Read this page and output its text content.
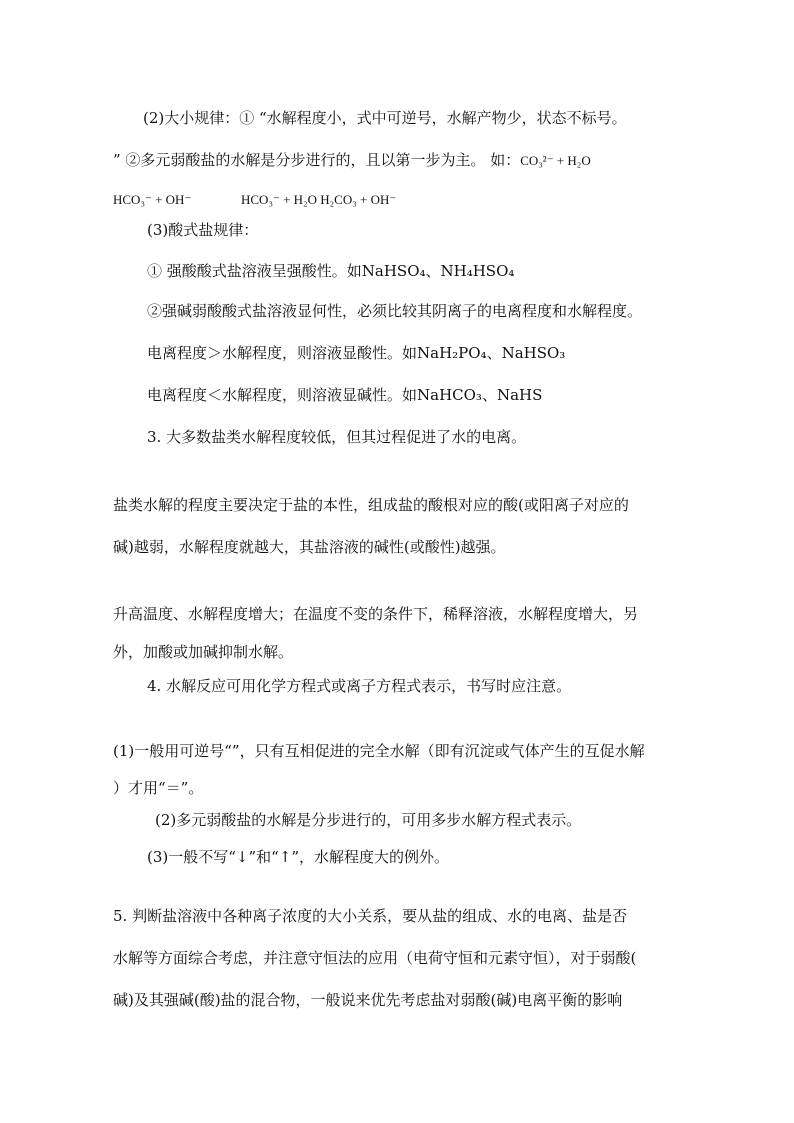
(2)大小规律：① “水解程度小，式中可逆号，水解产物少，状态不标号。
” ②多元弱酸盐的水解是分步进行的，且以第一步为主。 如：CO₃²⁻ + H₂O
HCO₃⁻ + OH⁻	HCO₃⁻ + H₂O H₂CO₃ + OH⁻
(3)酸式盐规律：
① 强酸酸式盐溶液呈强酸性。如NaHSO₄、NH₄HSO₄
②强碱弱酸酸式盐溶液显何性，必须比较其阴离子的电离程度和水解程度。
电离程度＞水解程度，则溶液显酸性。如NaH₂PO₄、NaHSO₃
电离程度＜水解程度，则溶液显碱性。如NaHCO₃、NaHS
3. 大多数盐类水解程度较低，但其过程促进了水的电离。
盐类水解的程度主要决定于盐的本性，组成盐的酸根对应的酸(或阳离子对应的
碱)越弱，水解程度就越大，其盐溶液的碱性(或酸性)越强。
升高温度、水解程度增大；在温度不变的条件下，稀释溶液，水解程度增大，另
外，加酸或加碱抑制水解。
4. 水解反应可用化学方程式或离子方程式表示，书写时应注意。
(1)一般用可逆号“”，只有互相促进的完全水解（即有沉淀或气体产生的互促水解
）才用“＝”。
(2)多元弱酸盐的水解是分步进行的，可用多步水解方程式表示。
(3)一般不写“↓”和“↑”，水解程度大的例外。
5. 判断盐溶液中各种离子浓度的大小关系，要从盐的组成、水的电离、盐是否
水解等方面综合考虑，并注意守恒法的应用（电荷守恒和元素守恒），对于弱酸(
碱)及其强碱(酸)盐的混合物，一般说来优先考虑盐对弱酸(碱)电离平衡的影响
